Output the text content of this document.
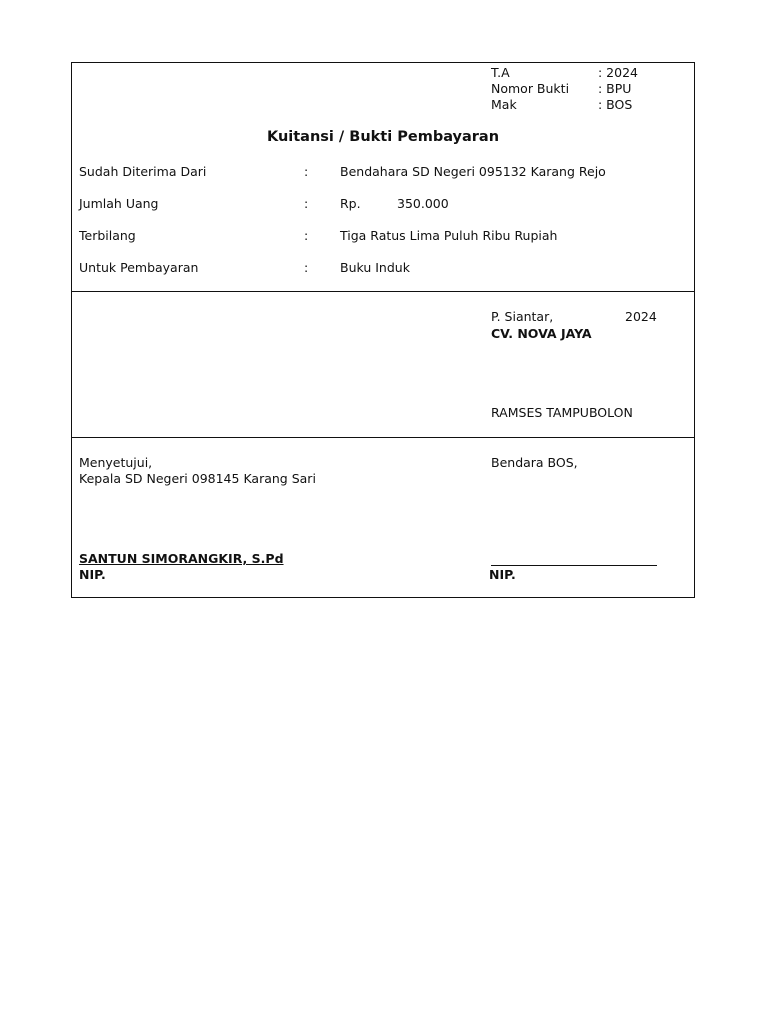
T.A	: 2024
Nomor Bukti : BPU
Mak	: BOS
Kuitansi / Bukti Pembayaran
Sudah Diterima Dari	:	Bendahara SD Negeri 095132 Karang Rejo
Jumlah Uang	:	Rp.	350.000
Terbilang	:	Tiga Ratus Lima Puluh Ribu Rupiah
Untuk Pembayaran	:	Buku Induk
P. Siantar,	2024
CV. NOVA JAYA
RAMSES TAMPUBOLON
Menyetujui,
Kepala SD Negeri 098145 Karang Sari
SANTUN SIMORANGKIR, S.Pd
NIP.
Bendara BOS,
NIP.
